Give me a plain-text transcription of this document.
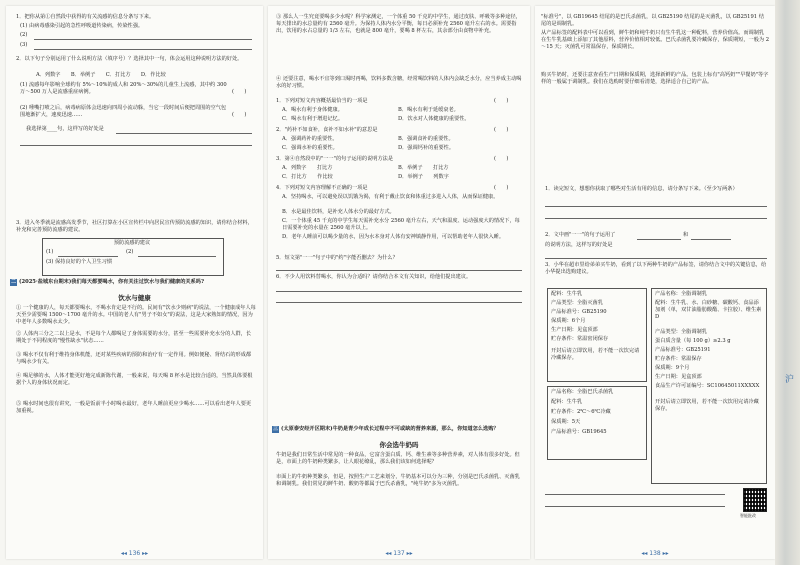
1．把你从第①自然段中获得的有关流感的信息分条写下来。
(1) 由病毒感染引起的急性呼吸道传染病，传染性强。
(2)
(3)
2．以下句子分别运用了什么说明方法（填序号）？选择其中一句，体会运用这种说明方法的好处。
A．列数字　　B．举例子　　C．打比方　　D．作比较
(1) 流感每年影响全球约有 5%～10%的成人和 20%～30%的儿童生上流感，其中约 300 万～500 万人是流感重症病例。	(　　)
(2) 唾嘴打喷之后，病毒病原体会迅速向四周小流动躲，当它一段时间后便把周围的空气包围地渐扩大，速度迅速……	(　　)
我选择第____句，这样写的好处是
3．进入冬季就是流感高发季节，社区打算在小区宣传栏中向居民宣传预防流感的知识，请你结合材料，补充和完善预防流感的建议。
预防流感的建议
(1)	(2)
(3) 保持良好的个人卫生习惯
二 (2025·盐城东台期末)我们每天都要喝水，你有关注过饮水与我们健康的关系吗?
饮水与健康
① 一个健康的人，每天都要喝水，不喝水肯定是不行的。民间有"饮水少则病"的说法，一个健康成年人每天至少需要喝 1500～1700 毫升的水。中国的老人有"男子不如女"的说法，这是大家熟知的情况，因为中老年人多数喝水太少。
② 人体内三分之二以上是水，不是每个人都喝足了身体需要的水分，甚至一些需要补充水分的人群，长期处于不同程度的"慢性缺水"状态……
③ 喝水不仅有利于维持身体机能，还对某些疾病的预防和治疗有一定作用。例如便秘、肾结石的形成都与喝水少有关。
④ 喝足够的水，人体才能更好地完成新陈代谢，一般来说，每天喝 8 杯水是比较合适的，当然具体要根据个人的身体状况而定。
⑤ 喝水时间也很有讲究，一般是饭前半小时喝水最好，老年人睡前更应少喝水……可以看出老年人要更加重视。
◂◂ 136 ▸▸
③ 那么人一生究竟要喝多少水呢？科学家测定，一个体重 50 千克的中学生，通过皮肤、呼吸等多种途径，每天排出的水总量约有 2560 毫升。为保持人体内水分平衡，每日必须补充 2560 毫升左右的水。需要指出，饮用的水占总量的 1/3 左右，也就是 800 毫升，要喝 8 杯左右，其余部分由食物中补充。
④ 还要注意，喝水不宜等到口渴时再喝，饮料多数含糖，经常喝饮料的人体内会缺乏水分，应当养成主动喝水的好习惯。
1．下列对短文内容概括最恰当的一项是	(　　)
A．喝水有利于身体健康。	B．喝水有利于延缓衰老。
C．喝水有利于增进记忆。	D．饮水对人体健康的重要性。
2．"药补不如食补，食补不如水补"的意思是	(　　)
A．强调药补的重要性。	B．强调食补的重要性。
C．强调水补的重要性。	D．强调钙补的重要性。
3．第④自然段中的"一一"的句子运用的说明方法是	(　　)
A．列数字　　打比方	B．举例子　　打比方
C．打比方　　作比较	D．举例子　　列数字
4．下列对短文内容理解不正确的一项是	(　　)
A．坚持喝水，可以避免误以饥饿为渴，有利于戴止饮食和体重过多进入人体，从而保证健康。
B．水是最佳饮料，是补充人体水分的最好方式。
C．一个体重 45 千克的中学生每天需补充水分 2560 毫升左右，天气和温度、运动强度大的情况下，每日需要补充的水量在 2560 毫升以上。
D．老年人睡前可以喝少量的水，因为水本身对人体有安神镇静作用，可以帮助老年人很快入睡。
5．短文第"一一"句子中的"约"字能否删去？为什么？
6．不少人用饮料替喝水，你认为合适吗？请你结合本文有关知识，给他们提出建议。
三 (太原泰安经开区期末)牛奶是青少年成长过程中不可或缺的营养来源，那么，你知道怎么选购？
你会选牛奶吗
牛奶是我们日常生活中常见的一种食品，它富含蛋白质、钙、维生素等多种营养素，对人体有很多好处。但是，市面上的牛奶种类繁多，让人眼花缭乱，那么我们该如何选择呢？
市面上的牛奶种类繁多，但是，按照生产工艺来划分，牛奶基本可以分为三种，分别是巴氏杀菌乳、灭菌乳和调制乳。我们常见的鲜牛奶、酸奶等都属于巴氏杀菌乳，"纯牛奶"多为灭菌乳。
◂◂ 137 ▸▸
"标准号"，以 GB19645 结尾的是巴氏杀菌乳，以 GB25190 结尾的是灭菌乳，以 GB25191 结尾的是调制乳。
从产品标签的配料表中可以看到，鲜牛奶和纯牛奶只有生牛乳这一种配料，营养价值高。而调制乳在生牛乳基础上添加了其他原料，营养价值相对较低。巴氏杀菌乳要冷藏保存，保质期短，一般为 2～15 天；灭菌乳可常温保存，保质期长。
购买牛奶时，还要注意查看生产日期和保质期，选择新鲜的产品。包装上标有"高钙奶""早餐奶"等字样的一般属于调制乳。我们在选购时要仔细看清楚，选择适合自己的产品。
1．读完短文，想想你获取了哪些对生活有用的信息，请分条写下来。（至少写两条）
2．文中画"一一"的句子运用了	和
的说明方法，这样写的好处是
3．小华在超市里给弟弟买牛奶，看到了以下两种牛奶的产品标签，请你结合文中的关键信息，给小华提出选购建议。
配料：生牛乳
产品类型：全脂灭菌乳
产品标准号：GB25190
保质期：6个月
生产日期：见盒顶部
贮存条件：常温密闭保存
开封后请立即饮用，若不能一次饮完请冷藏保存。
产品名称：全脂调制乳
配料：生牛乳、水、白砂糖、碳酸钙、食品添加剂（单，双甘油脂肪酸酯、卡拉胶）、维生素 D
产品类型：全脂调制乳
蛋白质含量（每 100 g）≥2.3 g
产品标准号：GB25191
贮存条件：常温保存
保质期：9个月
生产日期：见盒顶部
食品生产许可证编号：SC10645011XXXXX
开封后请立即饮用，若不能一次饮用完请冷藏保存。
产品名称：全脂巴氏杀菌乳
配料：生牛乳
贮存条件：2℃～6℃冷藏
保质期：5天
产品标准号：GB19645
智能批改
◂◂ 138 ▸▸
沪
